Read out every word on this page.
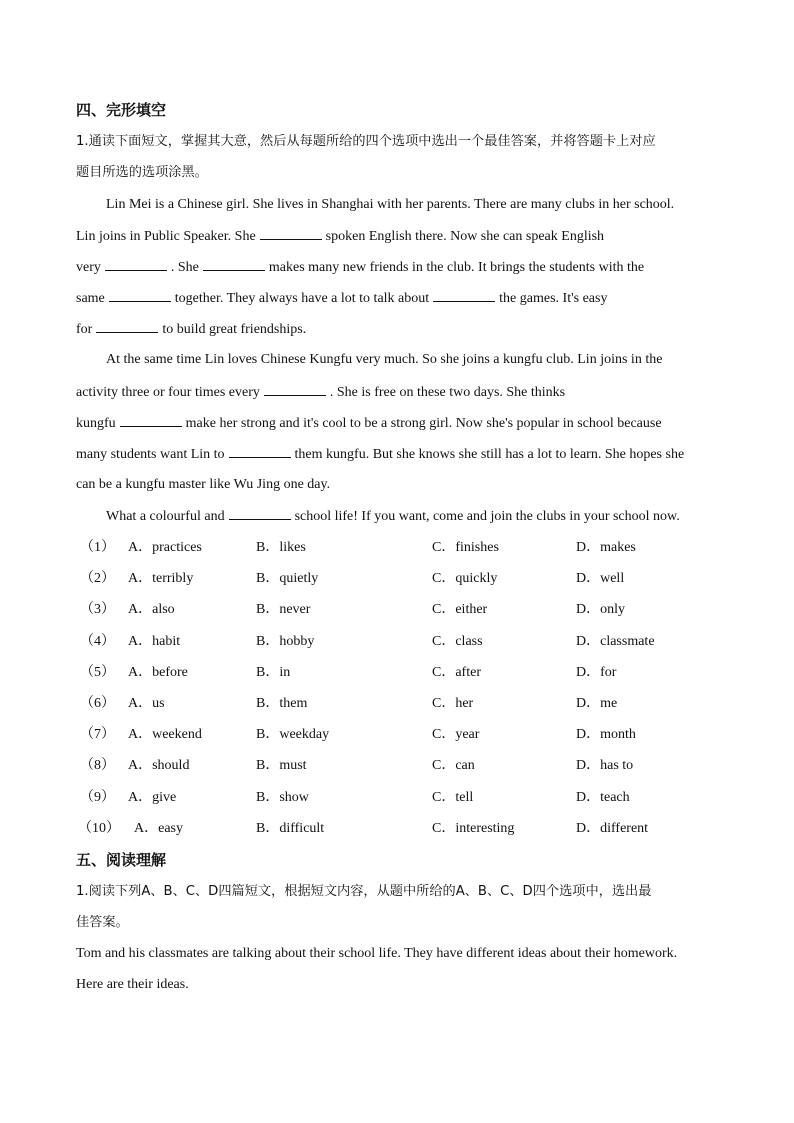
四、完形填空
1.通读下面短文，掌握其大意，然后从每题所给的四个选项中选出一个最佳答案，并将答题卡上对应
题目所选的选项涂黑。
Lin Mei is a Chinese girl. She lives in Shanghai with her parents. There are many clubs in her school.
Lin joins in Public Speaker. She	spoken English there. Now she can speak English
very	. She	makes many new friends in the club. It brings the students with the
same	together. They always have a lot to talk about	the games. It's easy
for	to build great friendships.
At the same time Lin loves Chinese Kungfu very much. So she joins a kungfu club. Lin joins in the
activity three or four times every	. She is free on these two days. She thinks
kungfu	make her strong and it's cool to be a strong girl. Now she's popular in school because
many students want Lin to	them kungfu. But she knows she still has a lot to learn. She hopes she
can be a kungfu master like Wu Jing one day.
What a colourful and	school life! If you want, come and join the clubs in your school now.
（1） A．practices	B．likes	C．finishes	D．makes
（2） A．terribly	B．quietly	C．quickly	D．well
（3） A．also	B．never	C．either	D．only
（4） A．habit	B．hobby	C．class	D．classmate
（5） A．before	B．in	C．after	D．for
（6） A．us	B．them	C．her	D．me
（7） A．weekend	B．weekday	C．year	D．month
（8） A．should	B．must	C．can	D．has to
（9） A．give	B．show	C．tell	D．teach
（10） A．easy	B．difficult	C．interesting	D．different
五、阅读理解
1.阅读下列A、B、C、D四篇短文，根据短文内容，从题中所给的A、B、C、D四个选项中，选出最
佳答案。
Tom and his classmates are talking about their school life. They have different ideas about their homework.
Here are their ideas.
